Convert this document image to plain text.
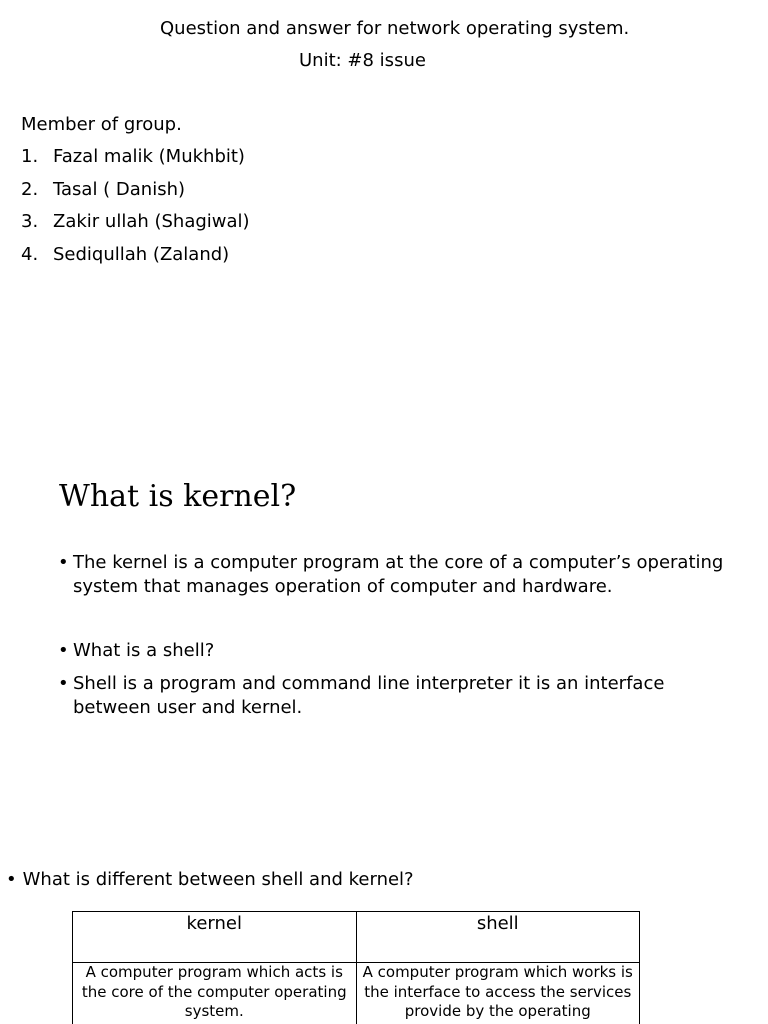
Question and answer for network operating system.
Unit: #8 issue
Member of group.
1. Fazal malik (Mukhbit)
2. Tasal ( Danish)
3. Zakir ullah (Shagiwal)
4. Sediqullah (Zaland)
What is kernel?
• The kernel is a computer program at the core of a computer’s operating system that manages operation of computer and hardware.
• What is a shell?
• Shell is a program and command line interpreter it is an interface between user and kernel.
• What is different between shell and kernel?
kernel	shell
A computer program which acts is the core of the computer operating system.	A computer program which works is the interface to access the services provide by the operating
